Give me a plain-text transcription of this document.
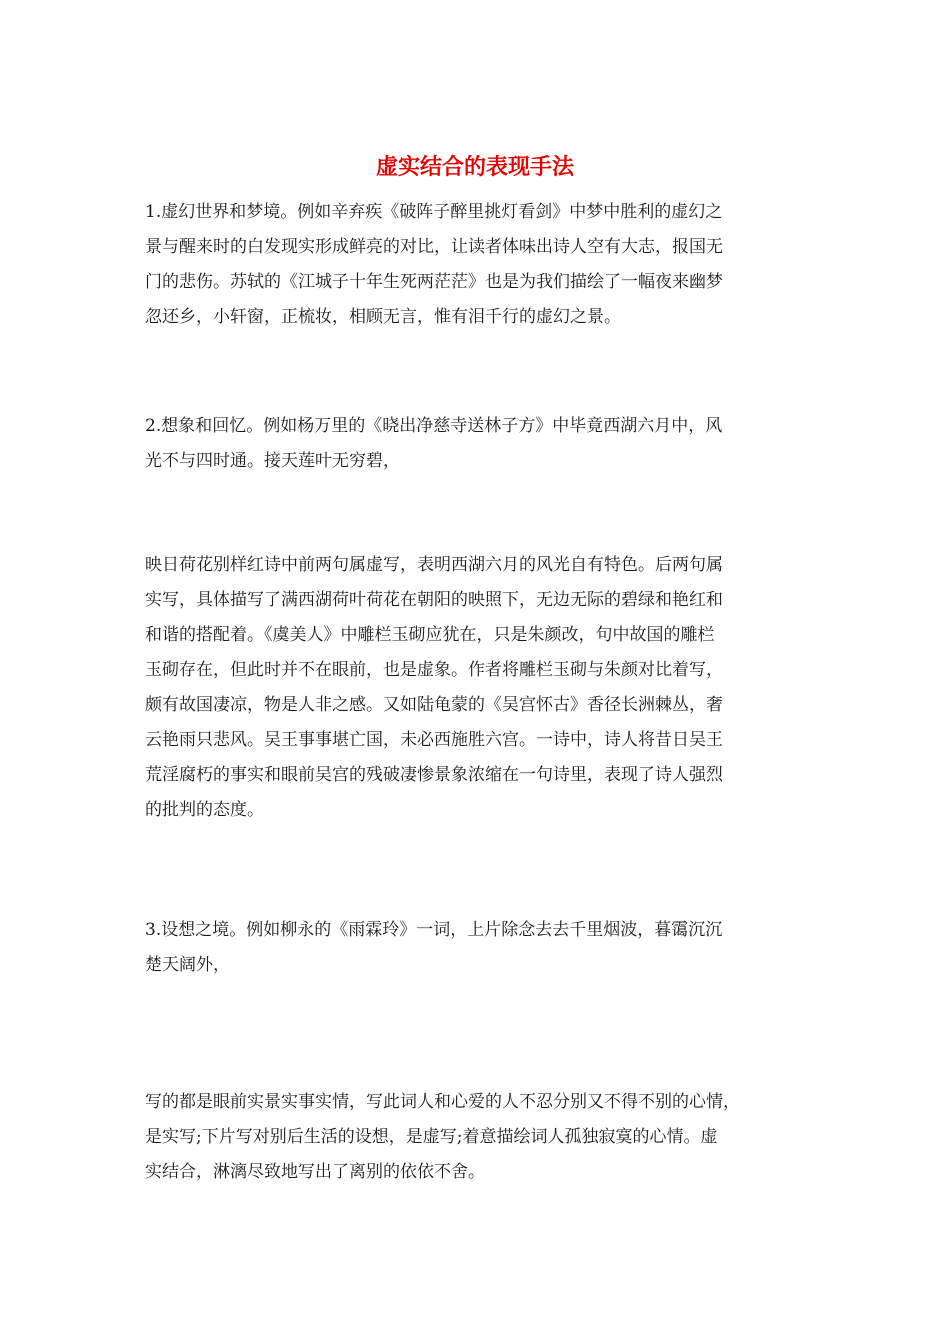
虚实结合的表现手法

1.虚幻世界和梦境。例如辛弃疾《破阵子醉里挑灯看剑》中梦中胜利的虚幻之
景与醒来时的白发现实形成鲜亮的对比，让读者体味出诗人空有大志，报国无
门的悲伤。苏轼的《江城子十年生死两茫茫》也是为我们描绘了一幅夜来幽梦
忽还乡，小轩窗，正梳妆，相顾无言，惟有泪千行的虚幻之景。

2.想象和回忆。例如杨万里的《晓出净慈寺送林子方》中毕竟西湖六月中，风
光不与四时通。接天莲叶无穷碧，

映日荷花别样红诗中前两句属虚写，表明西湖六月的风光自有特色。后两句属
实写，具体描写了满西湖荷叶荷花在朝阳的映照下，无边无际的碧绿和艳红和
和谐的搭配着。《虞美人》中雕栏玉砌应犹在，只是朱颜改，句中故国的雕栏
玉砌存在，但此时并不在眼前，也是虚象。作者将雕栏玉砌与朱颜对比着写，
颇有故国凄凉，物是人非之感。又如陆龟蒙的《吴宫怀古》香径长洲棘丛，奢
云艳雨只悲风。吴王事事堪亡国，未必西施胜六宫。一诗中，诗人将昔日吴王
荒淫腐朽的事实和眼前吴宫的残破凄惨景象浓缩在一句诗里，表现了诗人强烈
的批判的态度。

3.设想之境。例如柳永的《雨霖玲》一词，上片除念去去千里烟波，暮霭沉沉
楚天阔外，

写的都是眼前实景实事实情，写此词人和心爱的人不忍分别又不得不别的心情，
是实写;下片写对别后生活的设想，是虚写;着意描绘词人孤独寂寞的心情。虚
实结合，淋漓尽致地写出了离别的依依不舍。
